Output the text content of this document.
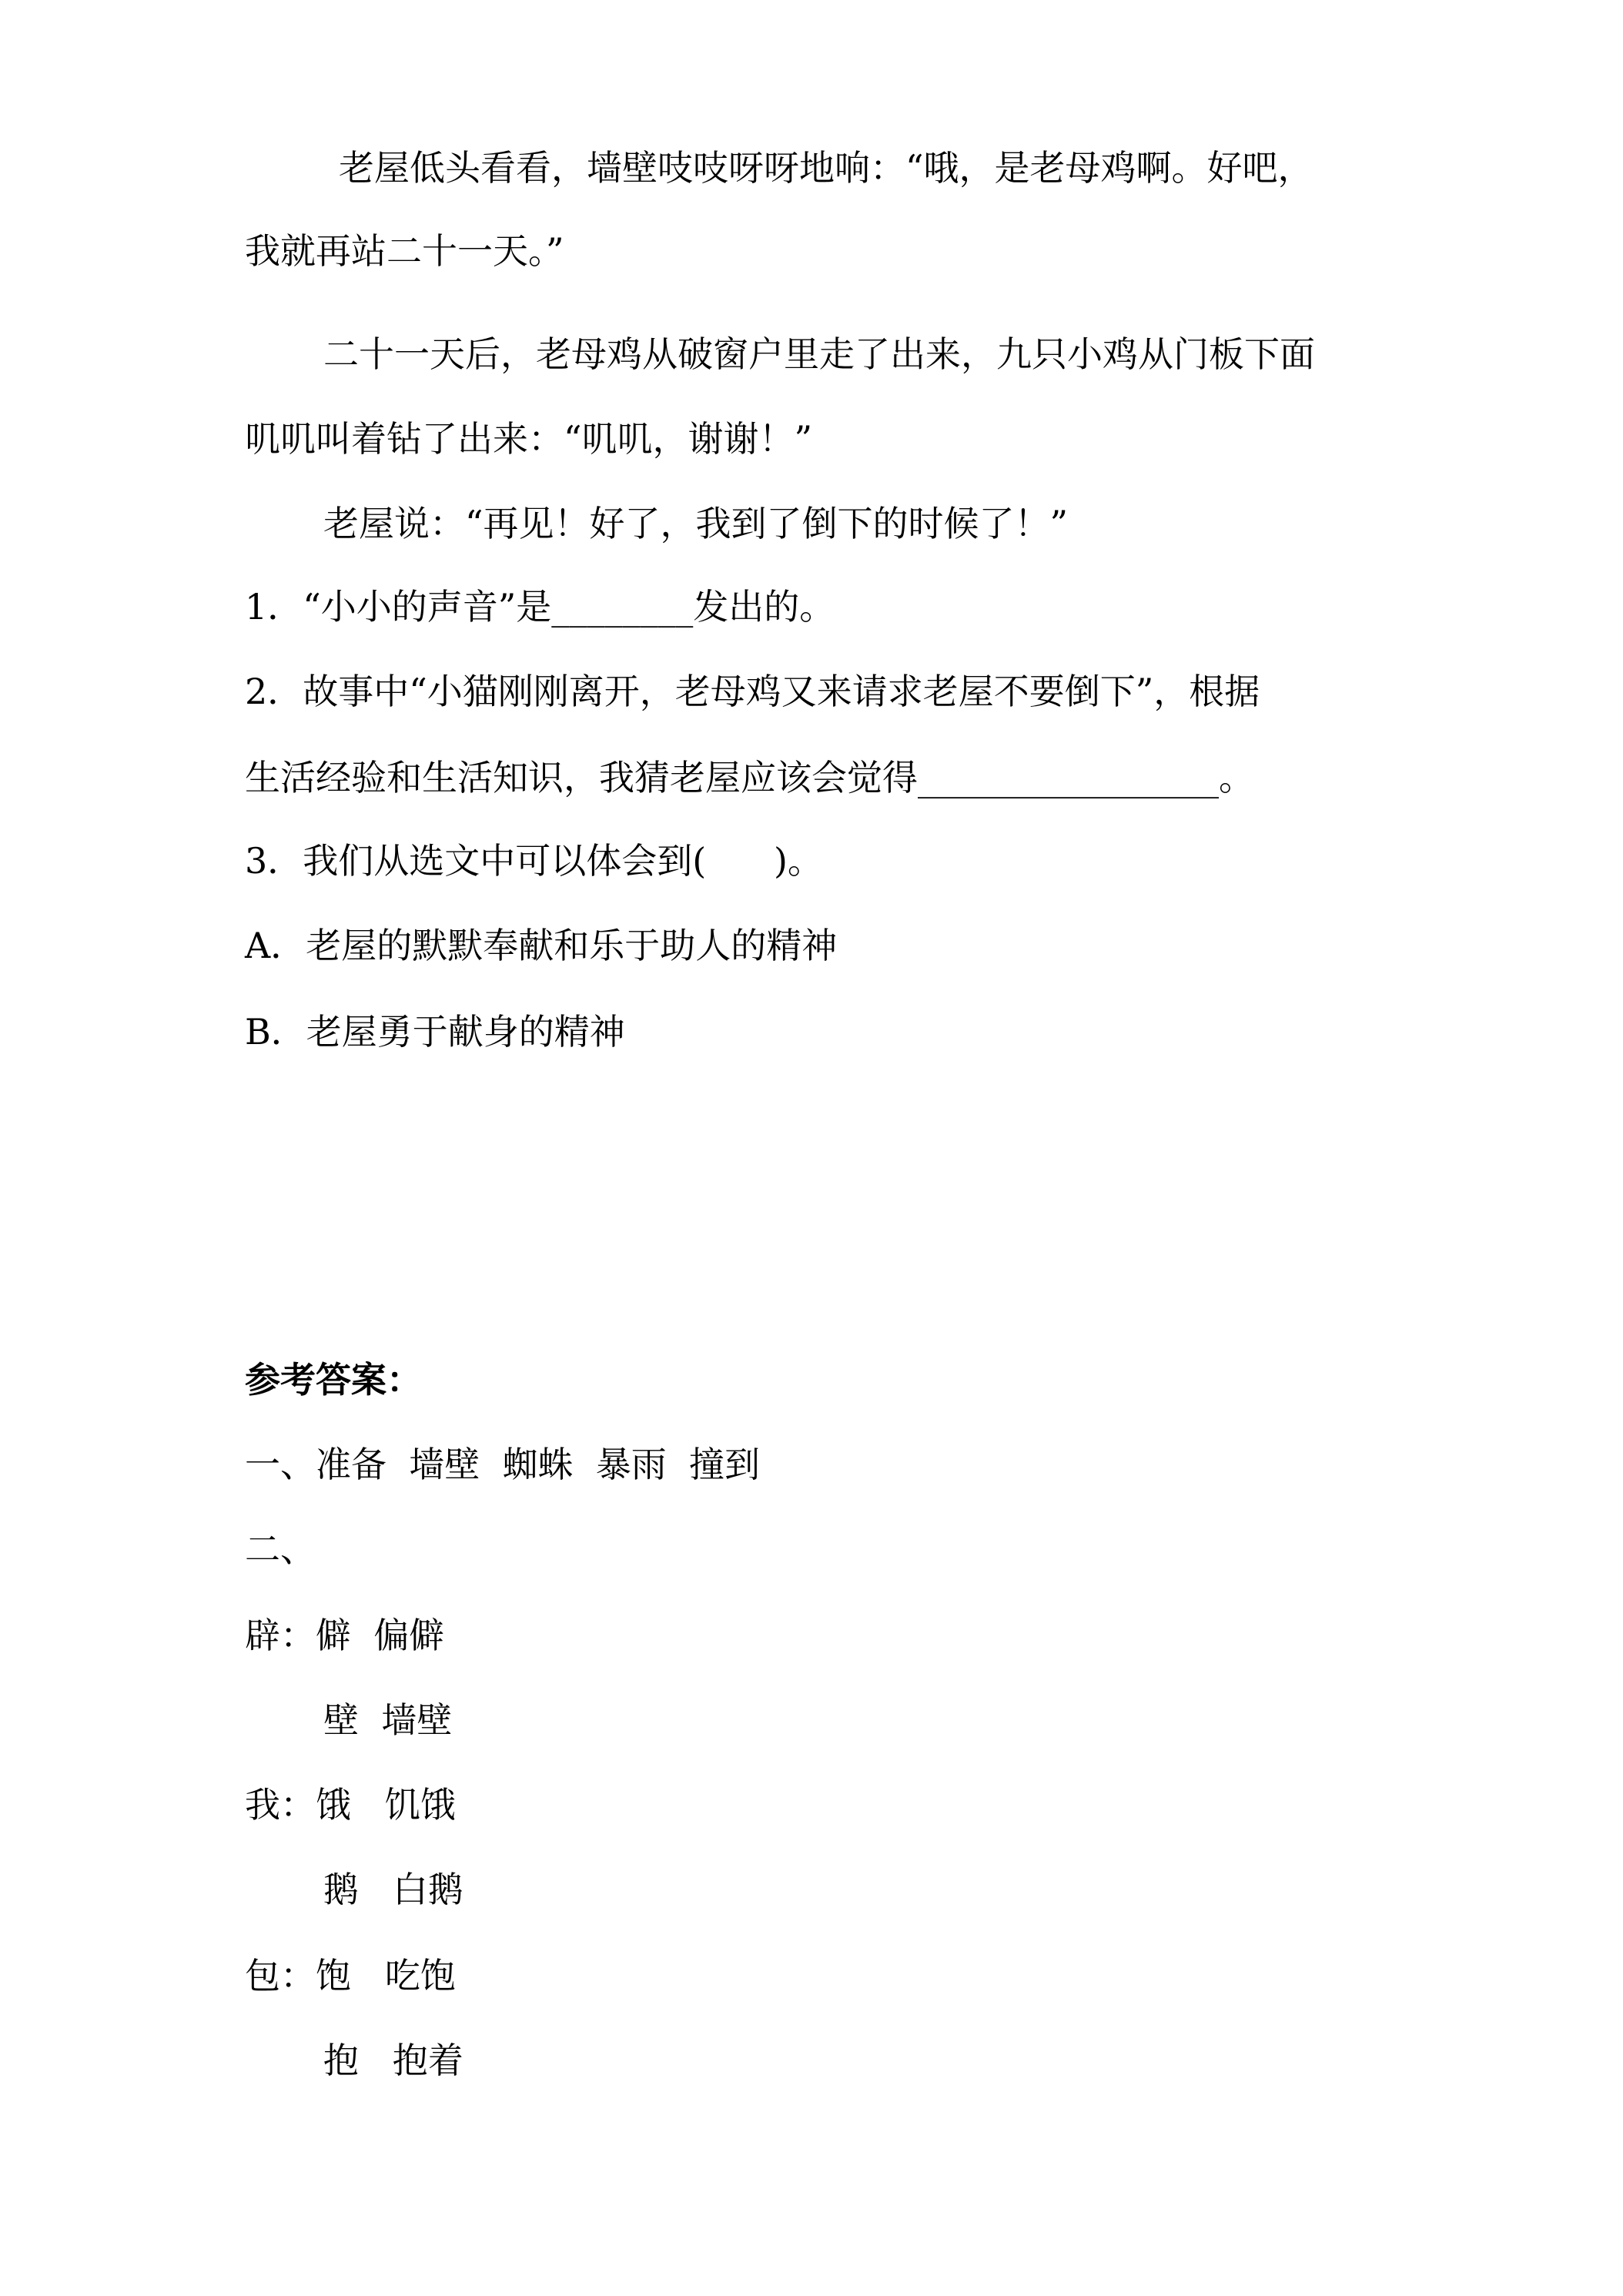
老屋低头看看，墙壁吱吱呀呀地响：“哦，是老母鸡啊。好吧，

我就再站二十一天。”

二十一天后，老母鸡从破窗户里走了出来，九只小鸡从门板下面

叽叽叫着钻了出来：“叽叽，谢谢！”

老屋说：“再见！好了，我到了倒下的时候了！”

1．“小小的声音”是________发出的。

2．故事中“小猫刚刚离开，老母鸡又来请求老屋不要倒下”，根据

生活经验和生活知识，我猜老屋应该会觉得_________________。

3．我们从选文中可以体会到(      )。

A．老屋的默默奉献和乐于助人的精神

B．老屋勇于献身的精神

参考答案：

一、准备  墙壁  蜘蛛  暴雨  撞到

二、

辟：僻  偏僻

壁  墙壁

我：饿   饥饿

鹅   白鹅

包：饱   吃饱

抱   抱着
